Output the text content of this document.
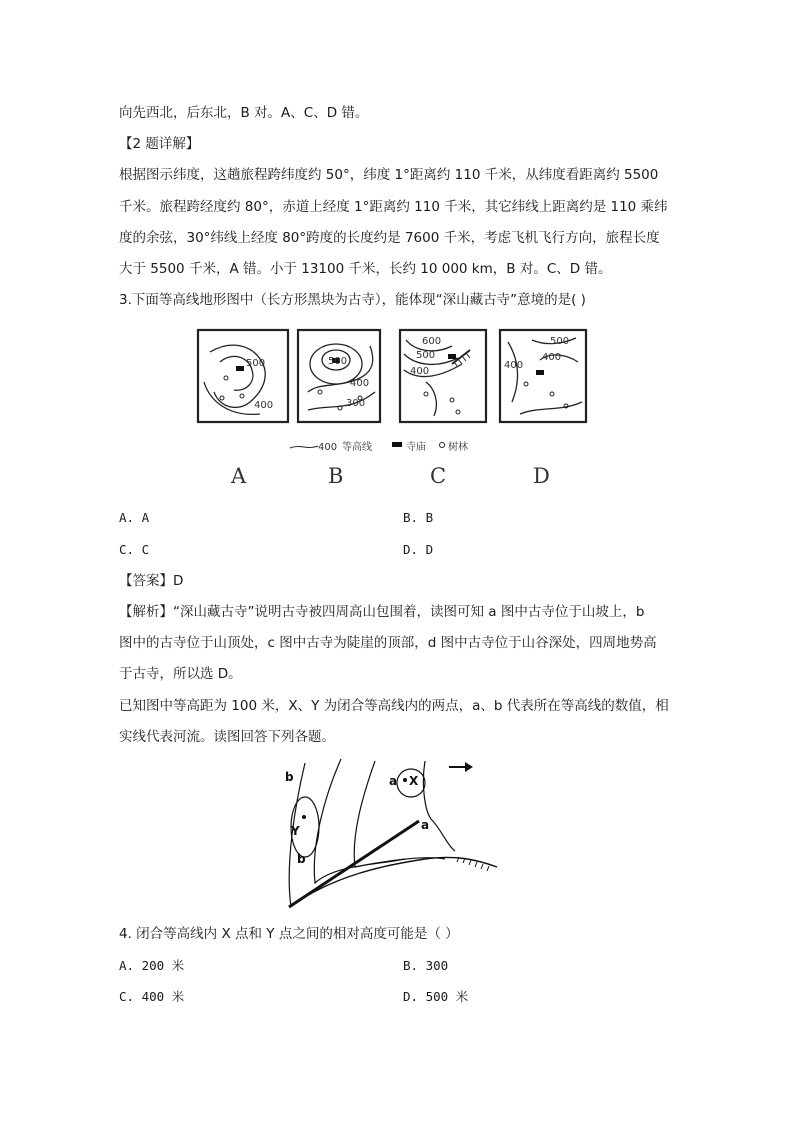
向先西北，后东北，B 对。A、C、D 错。
【2 题详解】
根据图示纬度，这趟旅程跨纬度约 50°，纬度 1°距离约 110 千米，从纬度看距离约 5500
千米。旅程跨经度约 80°，赤道上经度 1°距离约 110 千米，其它纬线上距离约是 110 乘纬
度的余弦，30°纬线上经度 80°跨度的长度约是 7600 千米，考虑飞机飞行方向，旅程长度
大于 5500 千米，A 错。小于 13100 千米，长约 10 000 km，B 对。C、D 错。
3.下面等高线地形图中（长方形黑块为古寺），能体现“深山藏古寺”意境的是( )
500
400
500
400
300
600
500
400
500
400
400
400 等高线	寺庙 树林
A	B	C	D
A. A	B. B
C. C	D. D
【答案】D
【解析】“深山藏古寺”说明古寺被四周高山包围着，读图可知 a 图中古寺位于山坡上，b
图中的古寺位于山顶处，c 图中古寺为陡崖的顶部，d 图中古寺位于山谷深处，四周地势高
于古寺，所以选 D。
已知图中等高距为 100 米，X、Y 为闭合等高线内的两点，a、b 代表所在等高线的数值，相
实线代表河流。读图回答下列各题。
b
Y
b
a X
a
4. 闭合等高线内 X 点和 Y 点之间的相对高度可能是（ ）
A. 200 米	B. 300
C. 400 米	D. 500 米
